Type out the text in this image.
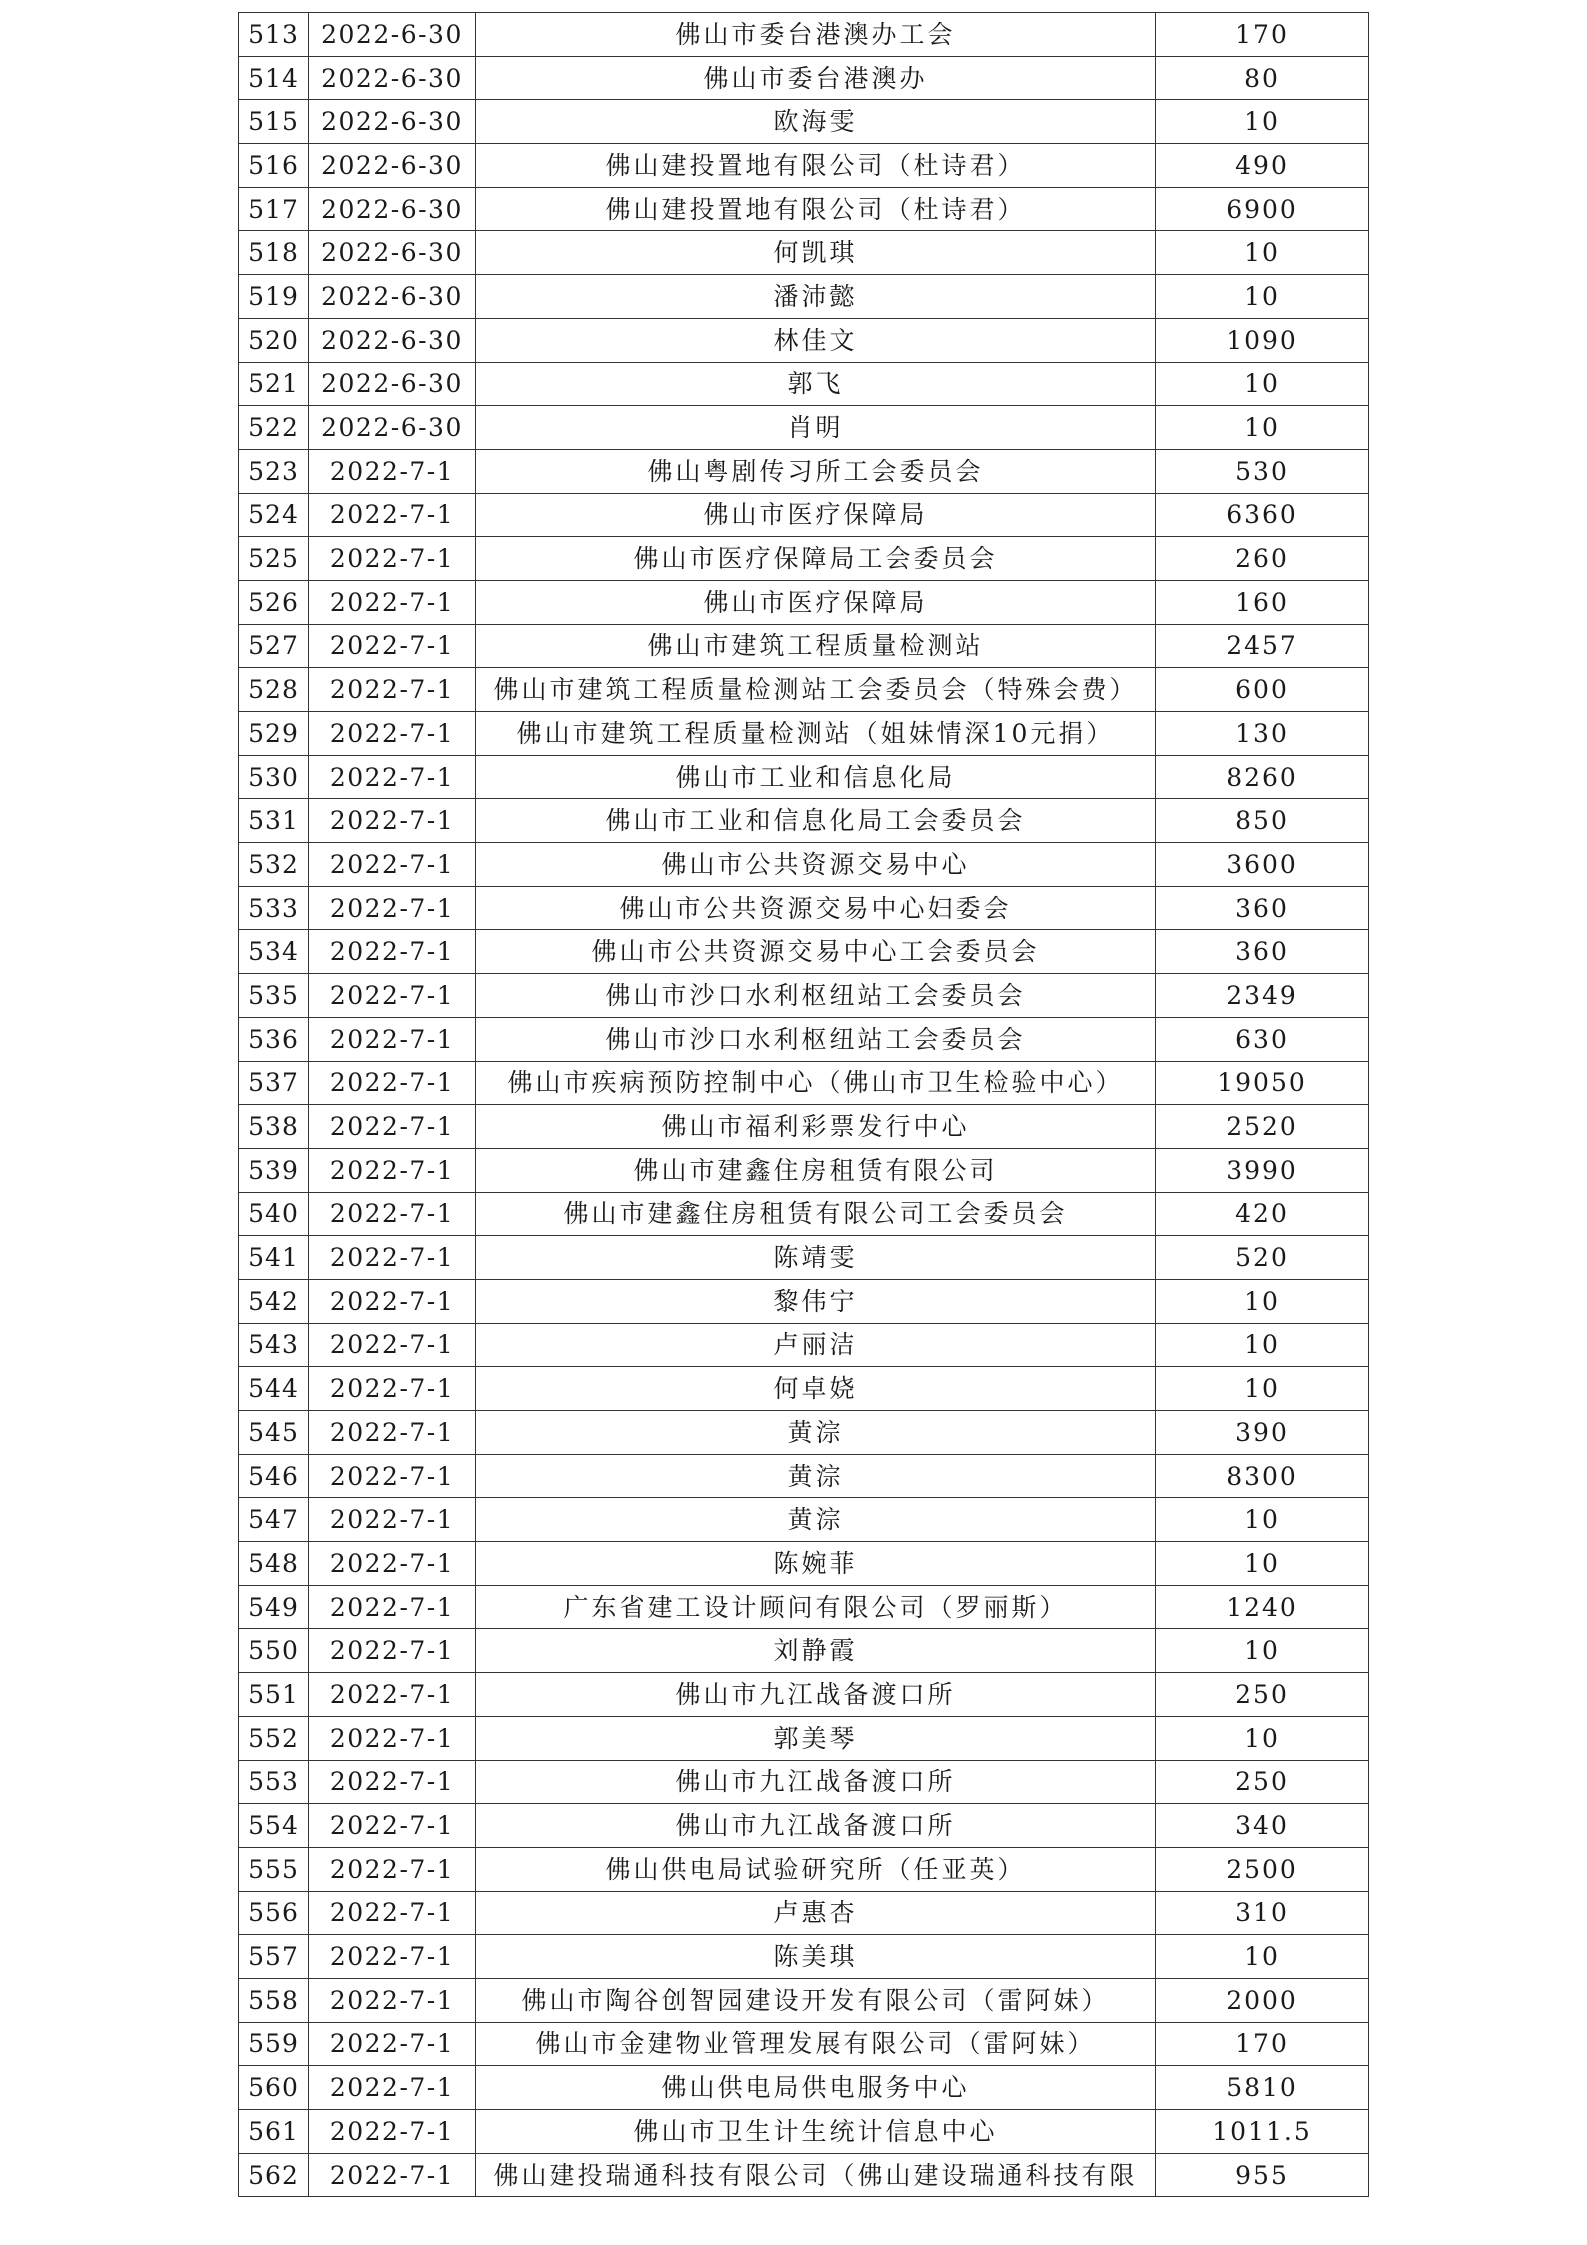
513	2022-6-30	佛山市委台港澳办工会	170
514	2022-6-30	佛山市委台港澳办	80
515	2022-6-30	欧海雯	10
516	2022-6-30	佛山建投置地有限公司（杜诗君）	490
517	2022-6-30	佛山建投置地有限公司（杜诗君）	6900
518	2022-6-30	何凯琪	10
519	2022-6-30	潘沛懿	10
520	2022-6-30	林佳文	1090
521	2022-6-30	郭飞	10
522	2022-6-30	肖明	10
523	2022-7-1	佛山粤剧传习所工会委员会	530
524	2022-7-1	佛山市医疗保障局	6360
525	2022-7-1	佛山市医疗保障局工会委员会	260
526	2022-7-1	佛山市医疗保障局	160
527	2022-7-1	佛山市建筑工程质量检测站	2457
528	2022-7-1	佛山市建筑工程质量检测站工会委员会（特殊会费）	600
529	2022-7-1	佛山市建筑工程质量检测站（姐妹情深10元捐）	130
530	2022-7-1	佛山市工业和信息化局	8260
531	2022-7-1	佛山市工业和信息化局工会委员会	850
532	2022-7-1	佛山市公共资源交易中心	3600
533	2022-7-1	佛山市公共资源交易中心妇委会	360
534	2022-7-1	佛山市公共资源交易中心工会委员会	360
535	2022-7-1	佛山市沙口水利枢纽站工会委员会	2349
536	2022-7-1	佛山市沙口水利枢纽站工会委员会	630
537	2022-7-1	佛山市疾病预防控制中心（佛山市卫生检验中心）	19050
538	2022-7-1	佛山市福利彩票发行中心	2520
539	2022-7-1	佛山市建鑫住房租赁有限公司	3990
540	2022-7-1	佛山市建鑫住房租赁有限公司工会委员会	420
541	2022-7-1	陈靖雯	520
542	2022-7-1	黎伟宁	10
543	2022-7-1	卢丽洁	10
544	2022-7-1	何卓娆	10
545	2022-7-1	黄淙	390
546	2022-7-1	黄淙	8300
547	2022-7-1	黄淙	10
548	2022-7-1	陈婉菲	10
549	2022-7-1	广东省建工设计顾问有限公司（罗丽斯）	1240
550	2022-7-1	刘静霞	10
551	2022-7-1	佛山市九江战备渡口所	250
552	2022-7-1	郭美琴	10
553	2022-7-1	佛山市九江战备渡口所	250
554	2022-7-1	佛山市九江战备渡口所	340
555	2022-7-1	佛山供电局试验研究所（任亚英）	2500
556	2022-7-1	卢惠杏	310
557	2022-7-1	陈美琪	10
558	2022-7-1	佛山市陶谷创智园建设开发有限公司（雷阿妹）	2000
559	2022-7-1	佛山市金建物业管理发展有限公司（雷阿妹）	170
560	2022-7-1	佛山供电局供电服务中心	5810
561	2022-7-1	佛山市卫生计生统计信息中心	1011.5
562	2022-7-1	佛山建投瑞通科技有限公司（佛山建设瑞通科技有限	955
